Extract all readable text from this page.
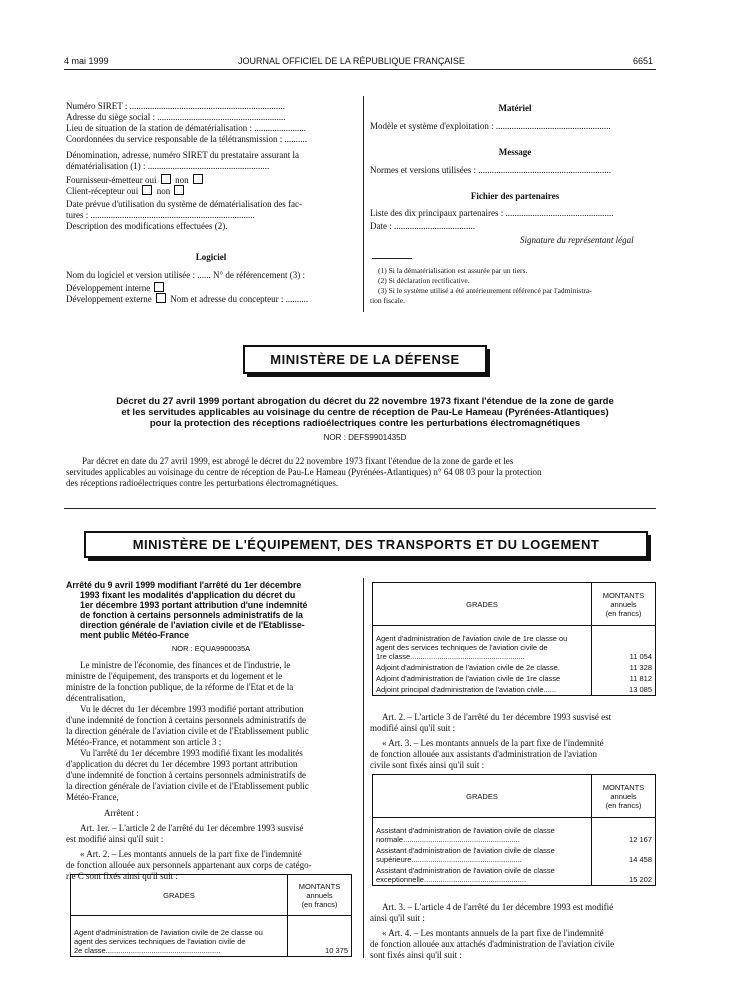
4 mai 1999	JOURNAL OFFICIEL DE LA RÉPUBLIQUE FRANÇAISE	6651
Numéro SIRET : .....................................................................
Adresse du siège social : .........................................................
Lieu de situation de la station de dématérialisation : .......................
Coordonnées du service responsable de la télétransmission : ..........
Dénomination, adresse, numéro SIRET du prestataire assurant la
dématérialisation (1) : ......................................................
Fournisseur-émetteur oui non
Client-récepteur oui non
Date prévue d'utilisation du système de dématérialisation des fac-
tures : .........................................................................
Description des modifications effectuées (2).
Logiciel
Nom du logiciel et version utilisée : ...... N° de référencement (3) :
Développement interne
Développement externe Nom et adresse du concepteur : ..........
Matériel
Modèle et système d'exploitation : ...................................................
Message
Normes et versions utilisées : ...........................................................
Fichier des partenaires
Liste des dix principaux partenaires : ................................................
Date : ....................................
Signature du représentant légal
(1) Si la dématérialisation est assurée par un tiers.
(2) Si déclaration rectificative.
(3) Si le système utilisé a été antérieurement référencé par l'administra-
tion fiscale.
MINISTÈRE DE LA DÉFENSE
Décret du 27 avril 1999 portant abrogation du décret du 22 novembre 1973 fixant l'étendue de la zone de garde
et les servitudes applicables au voisinage du centre de réception de Pau-Le Hameau (Pyrénées-Atlantiques)
pour la protection des réceptions radioélectriques contre les perturbations électromagnétiques
NOR : DEFS9901435D
Par décret en date du 27 avril 1999, est abrogé le décret du 22 novembre 1973 fixant l'étendue de la zone de garde et les
servitudes applicables au voisinage du centre de réception de Pau-Le Hameau (Pyrénées-Atlantiques) n° 64 08 03 pour la protection
des réceptions radioélectriques contre les perturbations électromagnétiques.
MINISTÈRE DE L'ÉQUIPEMENT, DES TRANSPORTS ET DU LOGEMENT
Arrêté du 9 avril 1999 modifiant l'arrêté du 1er décembre
1993 fixant les modalités d'application du décret du
1er décembre 1993 portant attribution d'une indemnité
de fonction à certains personnels administratifs de la
direction générale de l'aviation civile et de l'Etablisse-
ment public Météo-France
NOR : EQUA9900035A
Le ministre de l'économie, des finances et de l'industrie, le
ministre de l'équipement, des transports et du logement et le
ministre de la fonction publique, de la réforme de l'Etat et de la
décentralisation,
Vu le décret du 1er décembre 1993 modifié portant attribution
d'une indemnité de fonction à certains personnels administratifs de
la direction générale de l'aviation civile et de l'Etablissement public
Météo-France, et notamment son article 3 ;
Vu l'arrêté du 1er décembre 1993 modifié fixant les modalités
d'application du décret du 1er décembre 1993 portant attribution
d'une indemnité de fonction à certains personnels administratifs de
la direction générale de l'aviation civile et de l'Etablissement public
Météo-France,
Arrêtent :
Art. 1er. – L'article 2 de l'arrêté du 1er décembre 1993 susvisé
est modifié ainsi qu'il suit :
« Art. 2. – Les montants annuels de la part fixe de l'indemnité
de fonction allouée aux personnels appartenant aux corps de catégo-
rie C sont fixés ainsi qu'il suit :
GRADES	MONTANTS
annuels
(en francs)

Agent d'administration de l'aviation civile de 2e classe ou
agent des services techniques de l'aviation civile de
2e classe.......................................................	10 375
GRADES	MONTANTS
annuels
(en francs)

Agent d'administration de l'aviation civile de 1re classe ou
agent des services techniques de l'aviation civile de
1re classe.......................................................	11 054

Adjoint d'administration de l'aviation civile de 2e classe.	11 328

Adjoint d'administration de l'aviation civile de 1re classe	11 812

Adjoint principal d'administration de l'aviation civile......	13 085
Art. 2. – L'article 3 de l'arrêté du 1er décembre 1993 susvisé est
modifié ainsi qu'il suit :
« Art. 3. – Les montants annuels de la part fixe de l'indemnité
de fonction allouée aux assistants d'administration de l'aviation
civile sont fixés ainsi qu'il suit :
GRADES	MONTANTS
annuels
(en francs)

Assistant d'administration de l'aviation civile de classe
normale........................................................	12 167

Assistant d'administration de l'aviation civile de classe
supérieure.....................................................	14 458

Assistant d'administration de l'aviation civile de classe
exceptionnelle.................................................	15 202
Art. 3. – L'article 4 de l'arrêté du 1er décembre 1993 est modifié
ainsi qu'il suit :
« Art. 4. – Les montants annuels de la part fixe de l'indemnité
de fonction allouée aux attachés d'administration de l'aviation civile
sont fixés ainsi qu'il suit :
